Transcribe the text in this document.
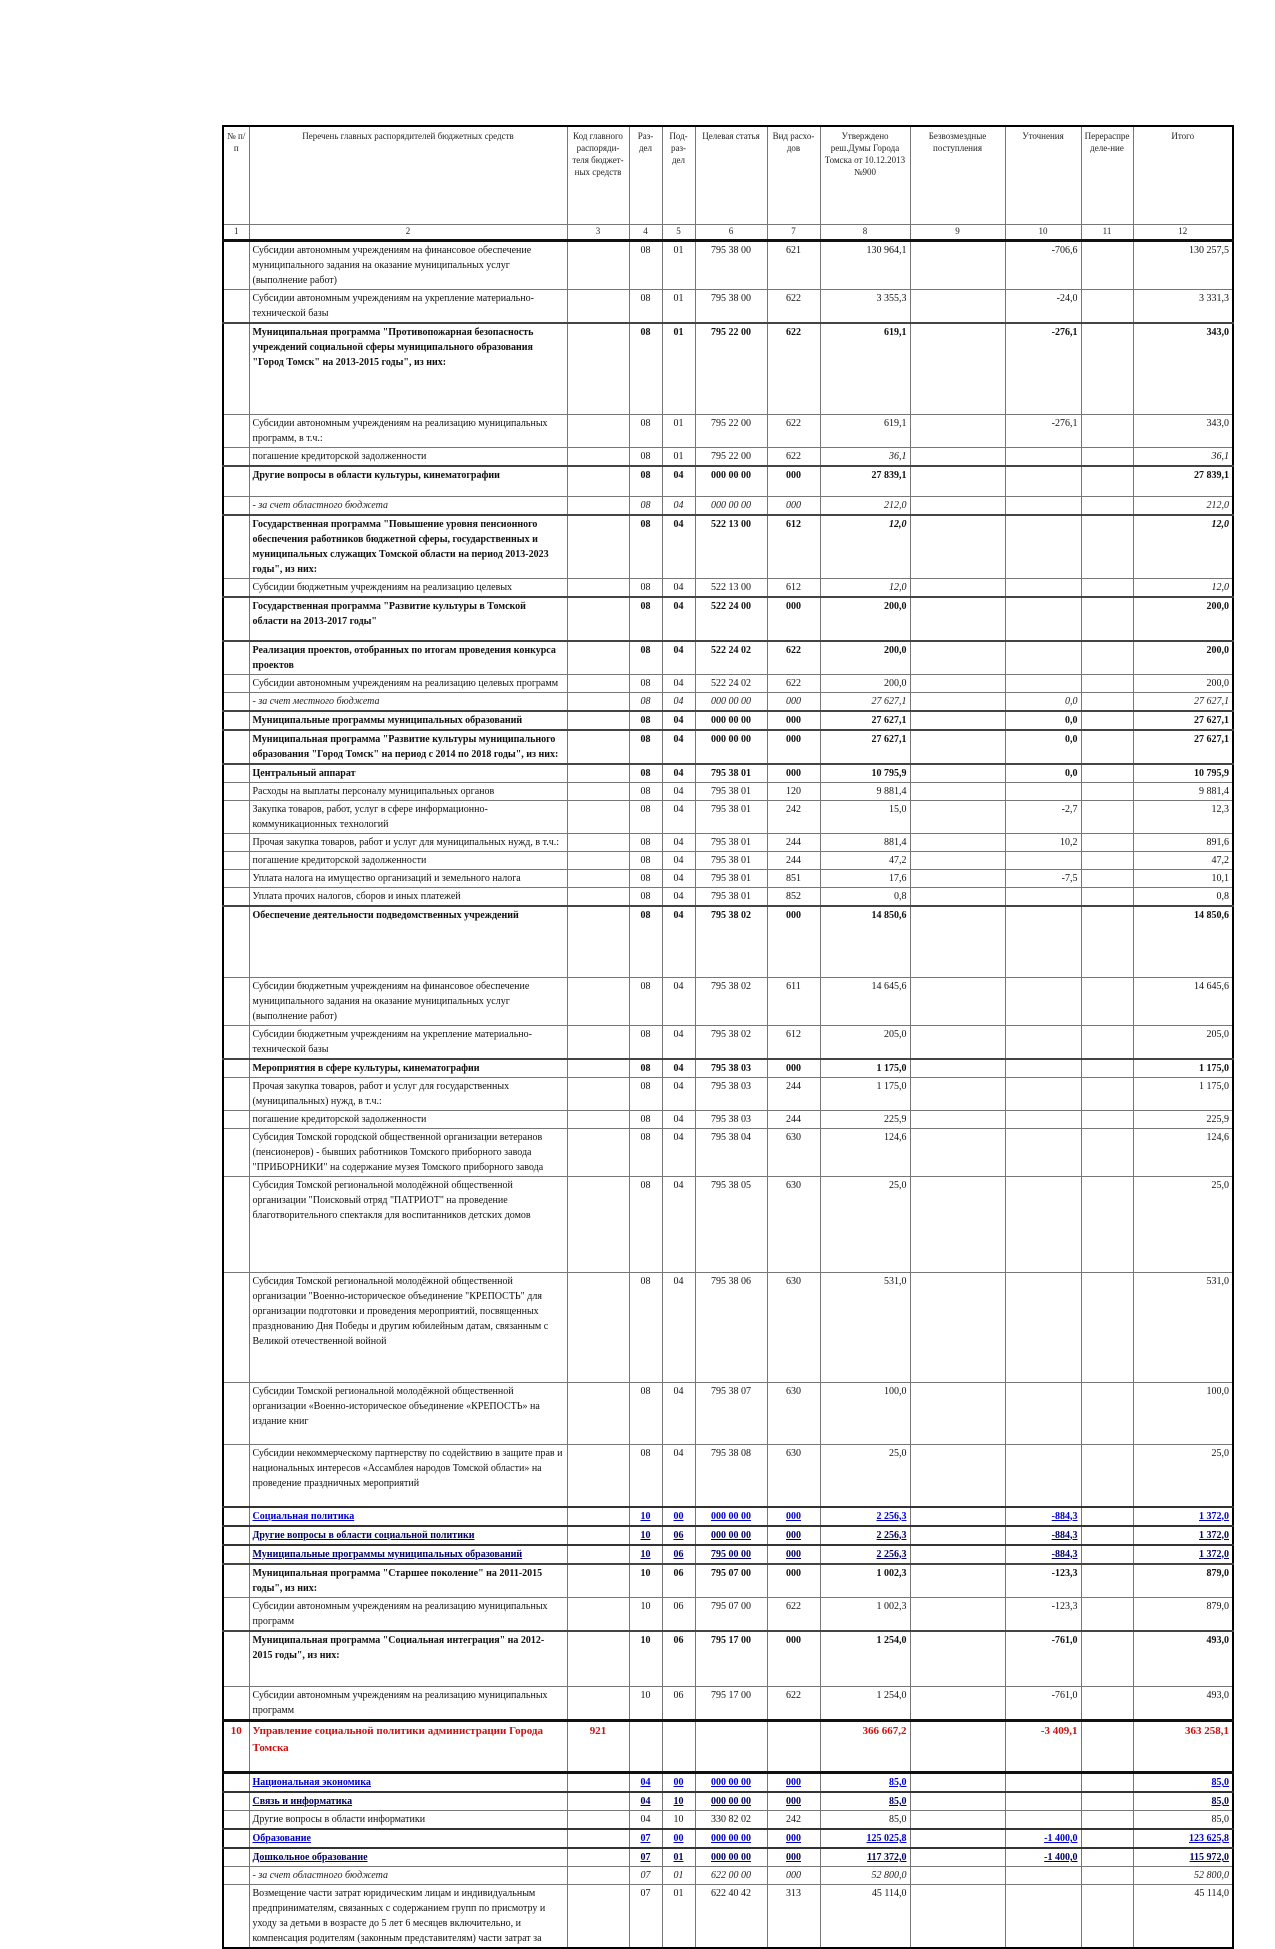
№ п/п	Перечень главных распорядителей бюджетных средств	Код главного распоряди-теля бюджет-ных средств	Раз-дел	Под-раз-дел	Целевая статья	Вид расхо-дов	Утверждено реш.Думы Города Томска от 10.12.2013 №900	Безвозмездные поступления	Уточнения	Перераспределе-ние	Итого
1	2	3	4	5	6	7	8	9	10	11	12
	Субсидии автономным учреждениям на финансовое обеспечение муниципального задания на оказание муниципальных услуг (выполнение работ)		08	01	795 38 00	621	130 964,1		-706,6		130 257,5
	Субсидии автономным учреждениям на укрепление материально-технической базы		08	01	795 38 00	622	3 355,3		-24,0		3 331,3
	Муниципальная программа "Противопожарная безопасность учреждений социальной сферы муниципального образования "Город Томск" на 2013-2015 годы", из них:		08	01	795 22 00	622	619,1		-276,1		343,0
	Субсидии автономным учреждениям на реализацию муниципальных программ, в т.ч.:		08	01	795 22 00	622	619,1		-276,1		343,0
	погашение кредиторской задолженности		08	01	795 22 00	622	36,1				36,1
	Другие вопросы в области культуры, кинематографии		08	04	000 00 00	000	27 839,1				27 839,1
	- за счет областного бюджета		08	04	000 00 00	000	212,0				212,0
	Государственная программа "Повышение уровня пенсионного обеспечения работников бюджетной сферы, государственных и муниципальных служащих Томской области на период 2013-2023 годы", из них:		08	04	522 13 00	612	12,0				12,0
	Субсидии бюджетным учреждениям на реализацию целевых		08	04	522 13 00	612	12,0				12,0
	Государственная программа "Развитие культуры в Томской области на 2013-2017 годы"		08	04	522 24 00	000	200,0				200,0
	Реализация проектов, отобранных по итогам проведения конкурса проектов		08	04	522 24 02	622	200,0				200,0
	Субсидии автономным учреждениям на реализацию целевых программ		08	04	522 24 02	622	200,0				200,0
	- за счет местного бюджета		08	04	000 00 00	000	27 627,1		0,0		27 627,1
	Муниципальные программы муниципальных образований		08	04	000 00 00	000	27 627,1		0,0		27 627,1
	Муниципальная программа "Развитие культуры муниципального образования "Город Томск" на период с 2014 по 2018 годы", из них:		08	04	000 00 00	000	27 627,1		0,0		27 627,1
	Центральный аппарат		08	04	795 38 01	000	10 795,9		0,0		10 795,9
	Расходы на выплаты персоналу муниципальных органов		08	04	795 38 01	120	9 881,4				9 881,4
	Закупка товаров, работ, услуг в сфере информационно-коммуникационных технологий		08	04	795 38 01	242	15,0		-2,7		12,3
	Прочая закупка товаров, работ и услуг для муниципальных нужд, в т.ч.:		08	04	795 38 01	244	881,4		10,2		891,6
	погашение кредиторской задолженности		08	04	795 38 01	244	47,2				47,2
	Уплата налога на имущество организаций и земельного налога		08	04	795 38 01	851	17,6		-7,5		10,1
	Уплата прочих налогов, сборов и иных платежей		08	04	795 38 01	852	0,8				0,8
	Обеспечение деятельности подведомственных учреждений		08	04	795 38 02	000	14 850,6				14 850,6
	Субсидии бюджетным учреждениям на финансовое обеспечение муниципального задания на оказание муниципальных услуг (выполнение работ)		08	04	795 38 02	611	14 645,6				14 645,6
	Субсидии бюджетным учреждениям на укрепление материально-технической базы		08	04	795 38 02	612	205,0				205,0
	Мероприятия в сфере культуры, кинематографии		08	04	795 38 03	000	1 175,0				1 175,0
	Прочая закупка товаров, работ и услуг для государственных (муниципальных) нужд, в т.ч.:		08	04	795 38 03	244	1 175,0				1 175,0
	погашение кредиторской задолженности		08	04	795 38 03	244	225,9				225,9
	Субсидия Томской городской общественной организации ветеранов (пенсионеров) - бывших работников Томского приборного завода "ПРИБОРНИКИ" на содержание музея Томского приборного завода		08	04	795 38 04	630	124,6				124,6
	Субсидия Томской региональной молодёжной общественной организации "Поисковый отряд "ПАТРИОТ" на проведение благотворительного спектакля для воспитанников детских домов		08	04	795 38 05	630	25,0				25,0
	Субсидия Томской региональной молодёжной общественной организации "Военно-историческое объединение "КРЕПОСТЬ" для организации подготовки и проведения мероприятий, посвященных празднованию Дня Победы и другим юбилейным датам, связанным с Великой отечественной войной		08	04	795 38 06	630	531,0				531,0
	Субсидии Томской региональной молодёжной общественной организации «Военно-историческое объединение «КРЕПОСТЬ» на издание книг		08	04	795 38 07	630	100,0				100,0
	Субсидии некоммерческому партнерству по содействию в защите прав и национальных интересов «Ассамблея народов Томской области» на проведение праздничных мероприятий		08	04	795 38 08	630	25,0				25,0
	Социальная политика		10	00	000 00 00	000	2 256,3		-884,3		1 372,0
	Другие вопросы в области социальной политики		10	06	000 00 00	000	2 256,3		-884,3		1 372,0
	Муниципальные программы муниципальных образований		10	06	795 00 00	000	2 256,3		-884,3		1 372,0
	Муниципальная программа "Старшее поколение" на 2011-2015 годы", из них:		10	06	795 07 00	000	1 002,3		-123,3		879,0
	Субсидии автономным учреждениям на реализацию муниципальных программ		10	06	795 07 00	622	1 002,3		-123,3		879,0
	Муниципальная программа "Социальная интеграция" на 2012-2015 годы", из них:		10	06	795 17 00	000	1 254,0		-761,0		493,0
	Субсидии автономным учреждениям на реализацию муниципальных программ		10	06	795 17 00	622	1 254,0		-761,0		493,0
10	Управление социальной политики администрации Города Томска	921					366 667,2		-3 409,1		363 258,1
	Национальная экономика		04	00	000 00 00	000	85,0				85,0
	Связь и информатика		04	10	000 00 00	000	85,0				85,0
	Другие вопросы в области информатики		04	10	330 82 02	242	85,0				85,0
	Образование		07	00	000 00 00	000	125 025,8		-1 400,0		123 625,8
	Дошкольное образование		07	01	000 00 00	000	117 372,0		-1 400,0		115 972,0
	- за счет областного бюджета		07	01	622 00 00	000	52 800,0				52 800,0
	Возмещение части затрат юридическим лицам и индивидуальным предпринимателям, связанных с содержанием групп по присмотру и уходу за детьми в возрасте до 5 лет 6 месяцев включительно, и компенсация родителям (законным представителям) части затрат за		07	01	622 40 42	313	45 114,0				45 114,0
